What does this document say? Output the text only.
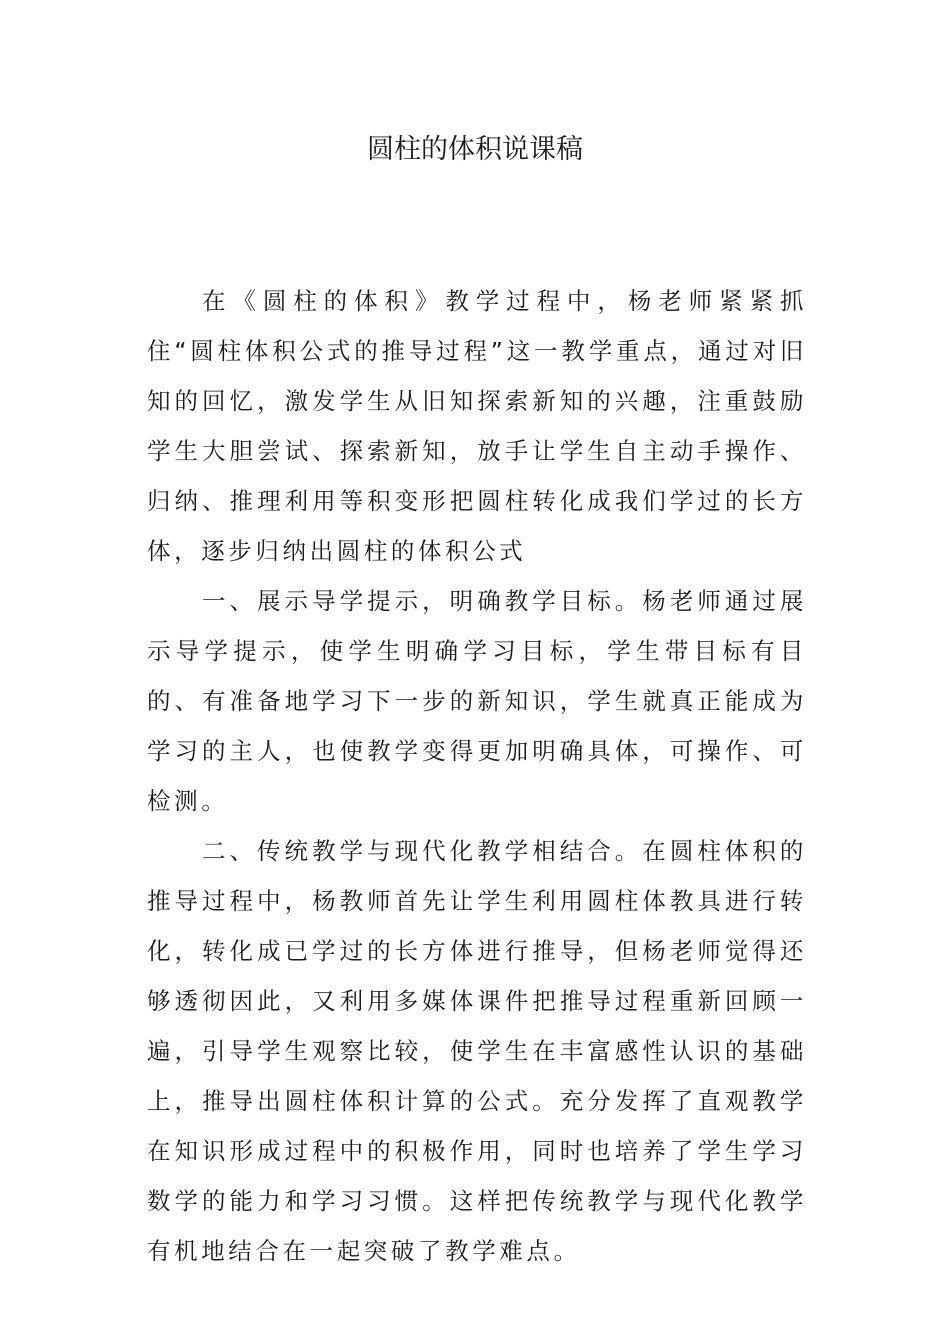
圆柱的体积说课稿

在《圆柱的体积》教学过程中，杨老师紧紧抓住“圆柱体积公式的推导过程”这一教学重点，通过对旧知的回忆，激发学生从旧知探索新知的兴趣，注重鼓励学生大胆尝试、探索新知，放手让学生自主动手操作、归纳、推理利用等积变形把圆柱转化成我们学过的长方体，逐步归纳出圆柱的体积公式

一、展示导学提示，明确教学目标。杨老师通过展示导学提示，使学生明确学习目标，学生带目标有目的、有准备地学习下一步的新知识，学生就真正能成为学习的主人，也使教学变得更加明确具体，可操作、可检测。

二、传统教学与现代化教学相结合。在圆柱体积的推导过程中，杨教师首先让学生利用圆柱体教具进行转化，转化成已学过的长方体进行推导，但杨老师觉得还够透彻因此，又利用多媒体课件把推导过程重新回顾一遍，引导学生观察比较，使学生在丰富感性认识的基础上，推导出圆柱体积计算的公式。充分发挥了直观教学在知识形成过程中的积极作用，同时也培养了学生学习数学的能力和学习习惯。这样把传统教学与现代化教学有机地结合在一起突破了教学难点。
